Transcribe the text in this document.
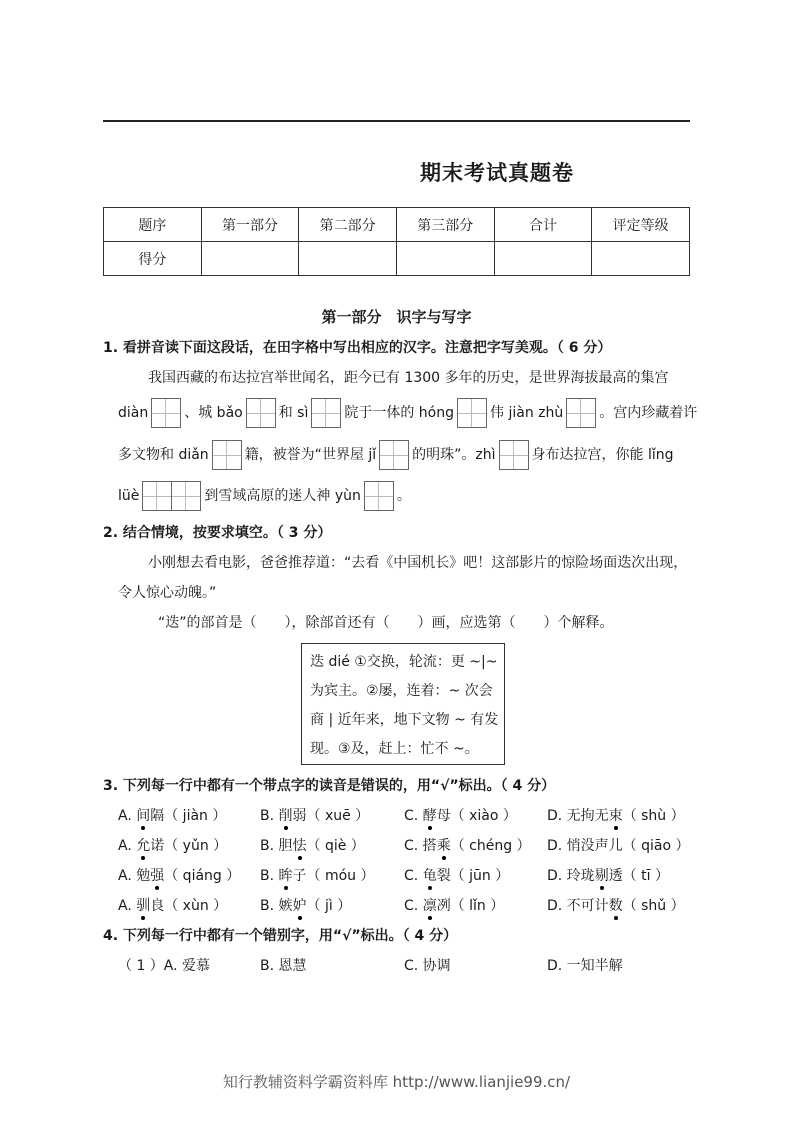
期末考试真题卷
题序	第一部分	第二部分	第三部分	合计	评定等级
得分					
第一部分　识字与写字
1. 看拼音读下面这段话，在田字格中写出相应的汉字。注意把字写美观。（ 6 分）
我国西藏的布达拉宫举世闻名，距今已有 1300 多年的历史，是世界海拔最高的集宫
diàn	、城 bǎo	和 sì	院于一体的 hóng	伟 jiàn zhù	。宫内珍藏着许
多文物和 diǎn	籍，被誉为“世界屋 jǐ	的明珠”。zhì	身布达拉宫，你能 lǐng
lüè	到雪域高原的迷人神 yùn	。
2. 结合情境，按要求填空。（ 3 分）
小刚想去看电影，爸爸推荐道：“去看《中国机长》吧！这部影片的惊险场面迭次出现，
令人惊心动魄。”
“迭”的部首是（　　），除部首还有（　　）画，应选第（　　）个解释。
迭 dié ①交换，轮流：更 ~|~
为宾主。②屡，连着：~ 次会
商 | 近年来，地下文物 ~ 有发
现。③及，赶上：忙不 ~。
3. 下列每一行中都有一个带点字的读音是错误的，用“√”标出。（ 4 分）
A. 间隔（ jiàn ） B. 削弱（ xuē ） C. 酵母（ xiào ） D. 无拘无束（ shù ）
A. 允诺（ yǔn ） B. 胆怯（ qiè ）	C. 搭乘（ chéng ） D. 悄没声儿（ qiāo ）
A. 勉强（ qiáng ） B. 眸子（ móu ） C. 龟裂（ jūn ）	D. 玲珑剔透（ tī ）
A. 驯良（ xùn ） B. 嫉妒（ jì ）	C. 凛冽（ lǐn ）	D. 不可计数（ shǔ ）
4. 下列每一行中都有一个错别字，用“√”标出。（ 4 分）
（ 1 ）A. 爱慕	B. 恩慧	C. 协调	D. 一知半解
知行教辅资料学霸资料库 http://www.lianjie99.cn/
